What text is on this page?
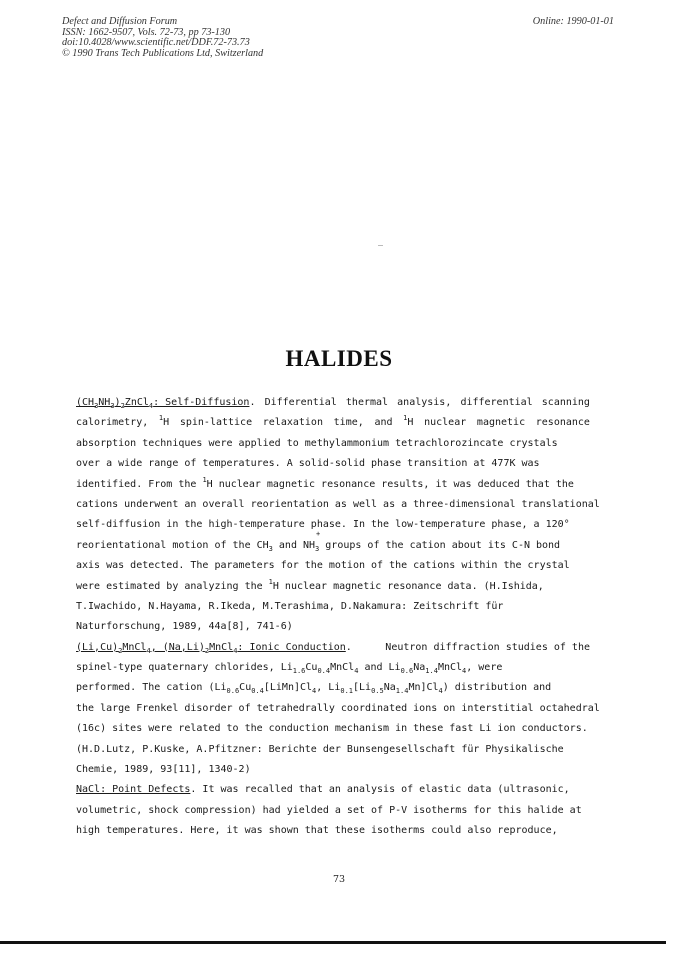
Defect and Diffusion Forum
ISSN: 1662-9507, Vols. 72-73, pp 73-130
doi:10.4028/www.scientific.net/DDF.72-73.73
© 1990 Trans Tech Publications Ltd, Switzerland
Online: 1990-01-01
HALIDES
$(CH_3NH_3)_2ZnCl_4$: Self-Diffusion. Differential thermal analysis, differential scanning
calorimetry, $^1$H spin-lattice relaxation time, and $^1$H nuclear magnetic resonance
absorption techniques were applied to methylammonium tetrachlorozincate crystals
over a wide range of temperatures. A solid-solid phase transition at 477K was
identified. From the $^1$H nuclear magnetic resonance results, it was deduced that the
cations underwent an overall reorientation as well as a three-dimensional translational
self-diffusion in the high-temperature phase. In the low-temperature phase, a 120°
reorientational motion of the $CH_3$ and NH
+
$_3$ groups of the cation about its C-N bond
axis was detected. The parameters for the motion of the cations within the crystal
were estimated by analyzing the $^1$H nuclear magnetic resonance data. (H.Ishida,
T.Iwachido, N.Hayama, R.Ikeda, M.Terashima, D.Nakamura: Zeitschrift für
Naturforschung, 1989, 44a[8], 741-6)
$(Li,Cu)_2MnCl_4$, $(Na,Li)_2MnCl_4$: Ionic Conduction.	Neutron diffraction studies of the
spinel-type quaternary chlorides, $Li_{1.6}Cu_{0.4}MnCl_4$ and $Li_{0.6}Na_{1.4}MnCl_4$, were
performed. The cation ($Li_{0.6}Cu_{0.4}[LiMn]Cl_4$, $Li_{0.1}[Li_{0.5}Na_{1.4}Mn]Cl_4$) distribution and
the large Frenkel disorder of tetrahedrally coordinated ions on interstitial octahedral
(16c) sites were related to the conduction mechanism in these fast Li ion conductors.
(H.D.Lutz, P.Kuske, A.Pfitzner: Berichte der Bunsengesellschaft für Physikalische
Chemie, 1989, 93[11], 1340-2)
NaCl: Point Defects. It was recalled that an analysis of elastic data (ultrasonic,
volumetric, shock compression) had yielded a set of P-V isotherms for this halide at
high temperatures. Here, it was shown that these isotherms could also reproduce,
73
